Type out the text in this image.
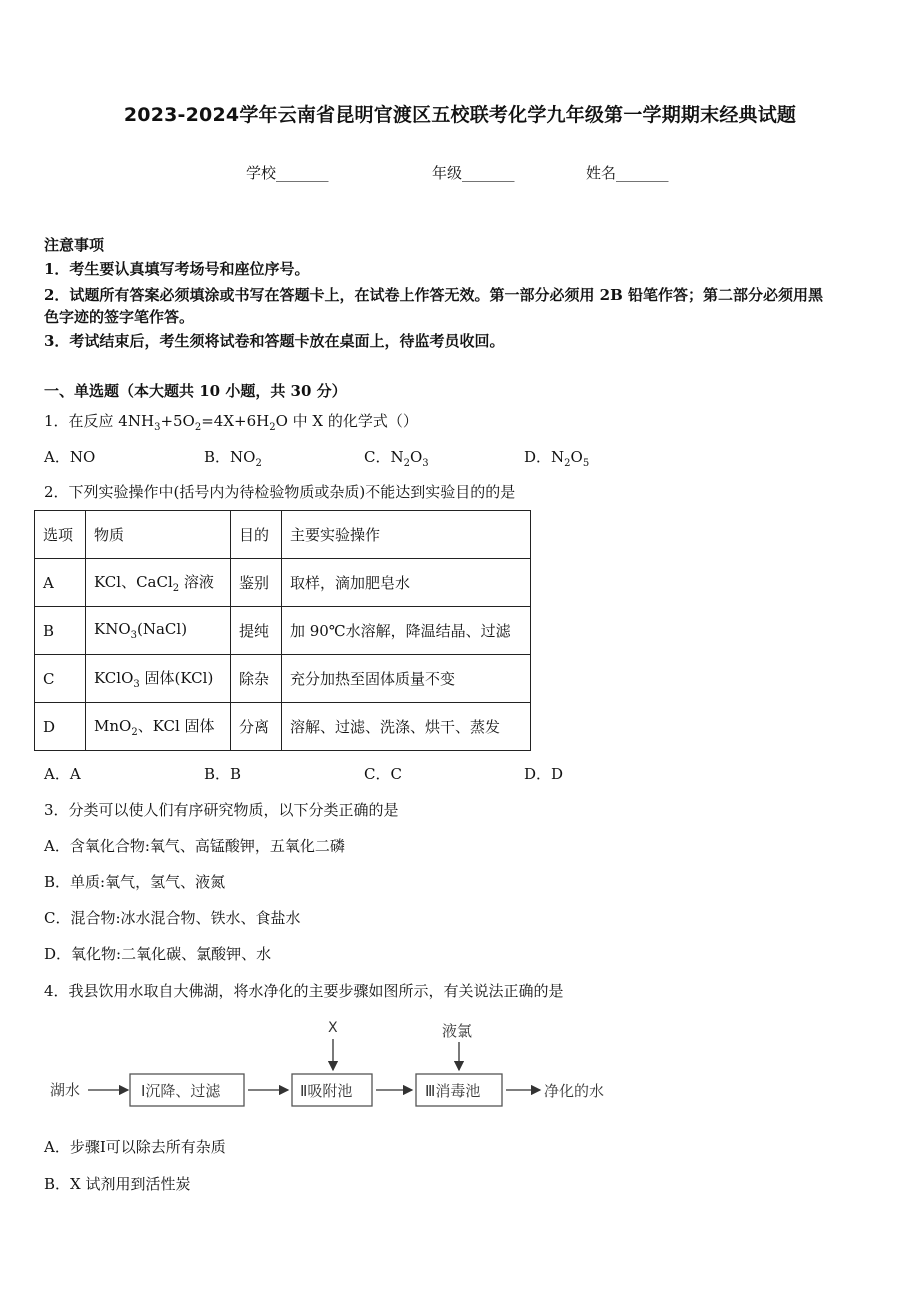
2023-2024学年云南省昆明官渡区五校联考化学九年级第一学期期末经典试题
学校_______	年级_______	姓名_______
注意事项
1．考生要认真填写考场号和座位序号。
2．试题所有答案必须填涂或书写在答题卡上，在试卷上作答无效。第一部分必须用 2B 铅笔作答；第二部分必须用黑
色字迹的签字笔作答。
3．考试结束后，考生须将试卷和答题卡放在桌面上，待监考员收回。
一、单选题（本大题共 10 小题，共 30 分）
1．在反应 $4NH_3+5O_2=4X+6H_2O$ 中 X 的化学式（）
A．NO	B．$NO_2$	C．$N_2O_3$	D．$N_2O_5$
2．下列实验操作中(括号内为待检验物质或杂质)不能达到实验目的的是
选项	物质	目的	主要实验操作
A	KCl、CaCl$_2$ 溶液	鉴别	取样，滴加肥皂水
B	$KNO_3(NaCl)$	提纯	加 90℃水溶解，降温结晶、过滤
C	KClO$_3$ 固体(KCl)	除杂	充分加热至固体质量不变
D	MnO$_2$、KCl 固体	分离	溶解、过滤、洗涤、烘干、蒸发
A．A	B．B	C．C	D．D
3．分类可以使人们有序研究物质，以下分类正确的是
A．含氧化合物:氧气、高锰酸钾，五氧化二磷
B．单质:氧气，氢气、液氮
C．混合物:冰水混合物、铁水、食盐水
D．氧化物:二氧化碳、氯酸钾、水
4．我县饮用水取自大佛湖，将水净化的主要步骤如图所示，有关说法正确的是
湖水	Ⅰ沉降、过滤	Ⅱ吸附池
X
Ⅲ消毒池
液氯
净化的水
A．步骤Ⅰ可以除去所有杂质
B．X 试剂用到活性炭
